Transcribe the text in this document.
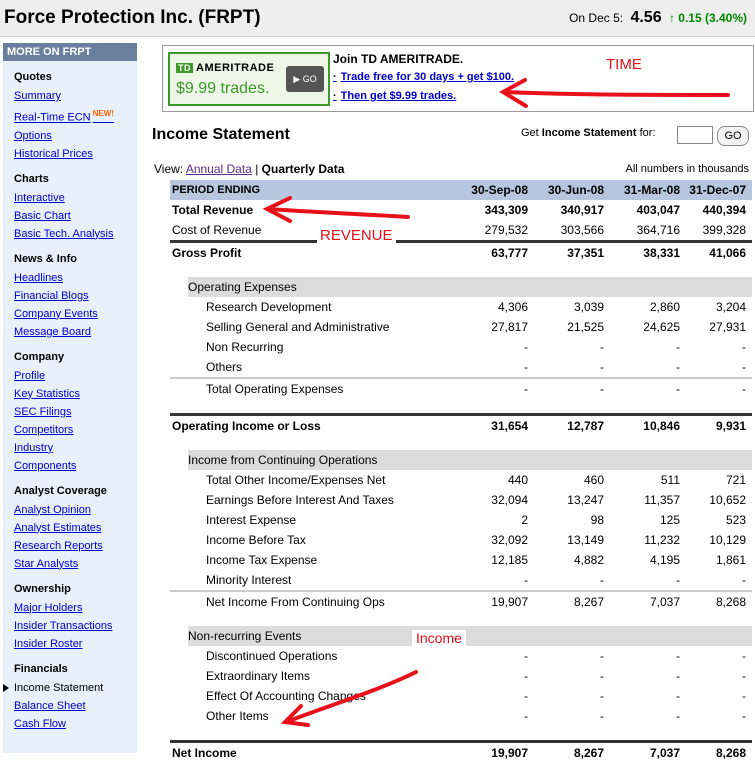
Force Protection Inc. (FRPT)	On Dec 5: 4.56 ↑ 0.15 (3.40%)
MORE ON FRPT
Quotes
Summary
Real-Time ECN $^{NEW!}$
Options
Historical Prices
Charts
Interactive
Basic Chart
Basic Tech. Analysis
News & Info
Headlines
Financial Blogs
Company Events
Message Board
Company
Profile
Key Statistics
SEC Filings
Competitors
Industry
Components
Analyst Coverage
Analyst Opinion
Analyst Estimates
Research Reports
Star Analysts
Ownership
Major Holders
Insider Transactions
Insider Roster
Financials
Income Statement
Balance Sheet
Cash Flow
TD AMERITRADE
$9.99 trades.
▶ GO
Join TD AMERITRADE.
· Trade free for 30 days + get $100.
· Then get $9.99 trades.
Income Statement	Get Income Statement for:	GO
View: Annual Data | Quarterly Data	All numbers in thousands
PERIOD ENDING	30-Sep-08	30-Jun-08	31-Mar-08	31-Dec-07
Total Revenue	343,309	340,917	403,047	440,394
Cost of Revenue	279,532	303,566	364,716	399,328
Gross Profit	63,777	37,351	38,331	41,066

Operating Expenses				
Research Development	4,306	3,039	2,860	3,204
Selling General and Administrative	27,817	21,525	24,625	27,931
Non Recurring	-	-	-	-
Others	-	-	-	-
Total Operating Expenses	-	-	-	-

Operating Income or Loss	31,654	12,787	10,846	9,931

Income from Continuing Operations				
Total Other Income/Expenses Net	440	460	511	721
Earnings Before Interest And Taxes	32,094	13,247	11,357	10,652
Interest Expense	2	98	125	523
Income Before Tax	32,092	13,149	11,232	10,129
Income Tax Expense	12,185	4,882	4,195	1,861
Minority Interest	-	-	-	-
Net Income From Continuing Ops	19,907	8,267	7,037	8,268

Non-recurring Events				
Discontinued Operations	-	-	-	-
Extraordinary Items	-	-	-	-
Effect Of Accounting Changes	-	-	-	-
Other Items	-	-	-	-

Net Income	19,907	8,267	7,037	8,268
TIME
REVENUE
Income
